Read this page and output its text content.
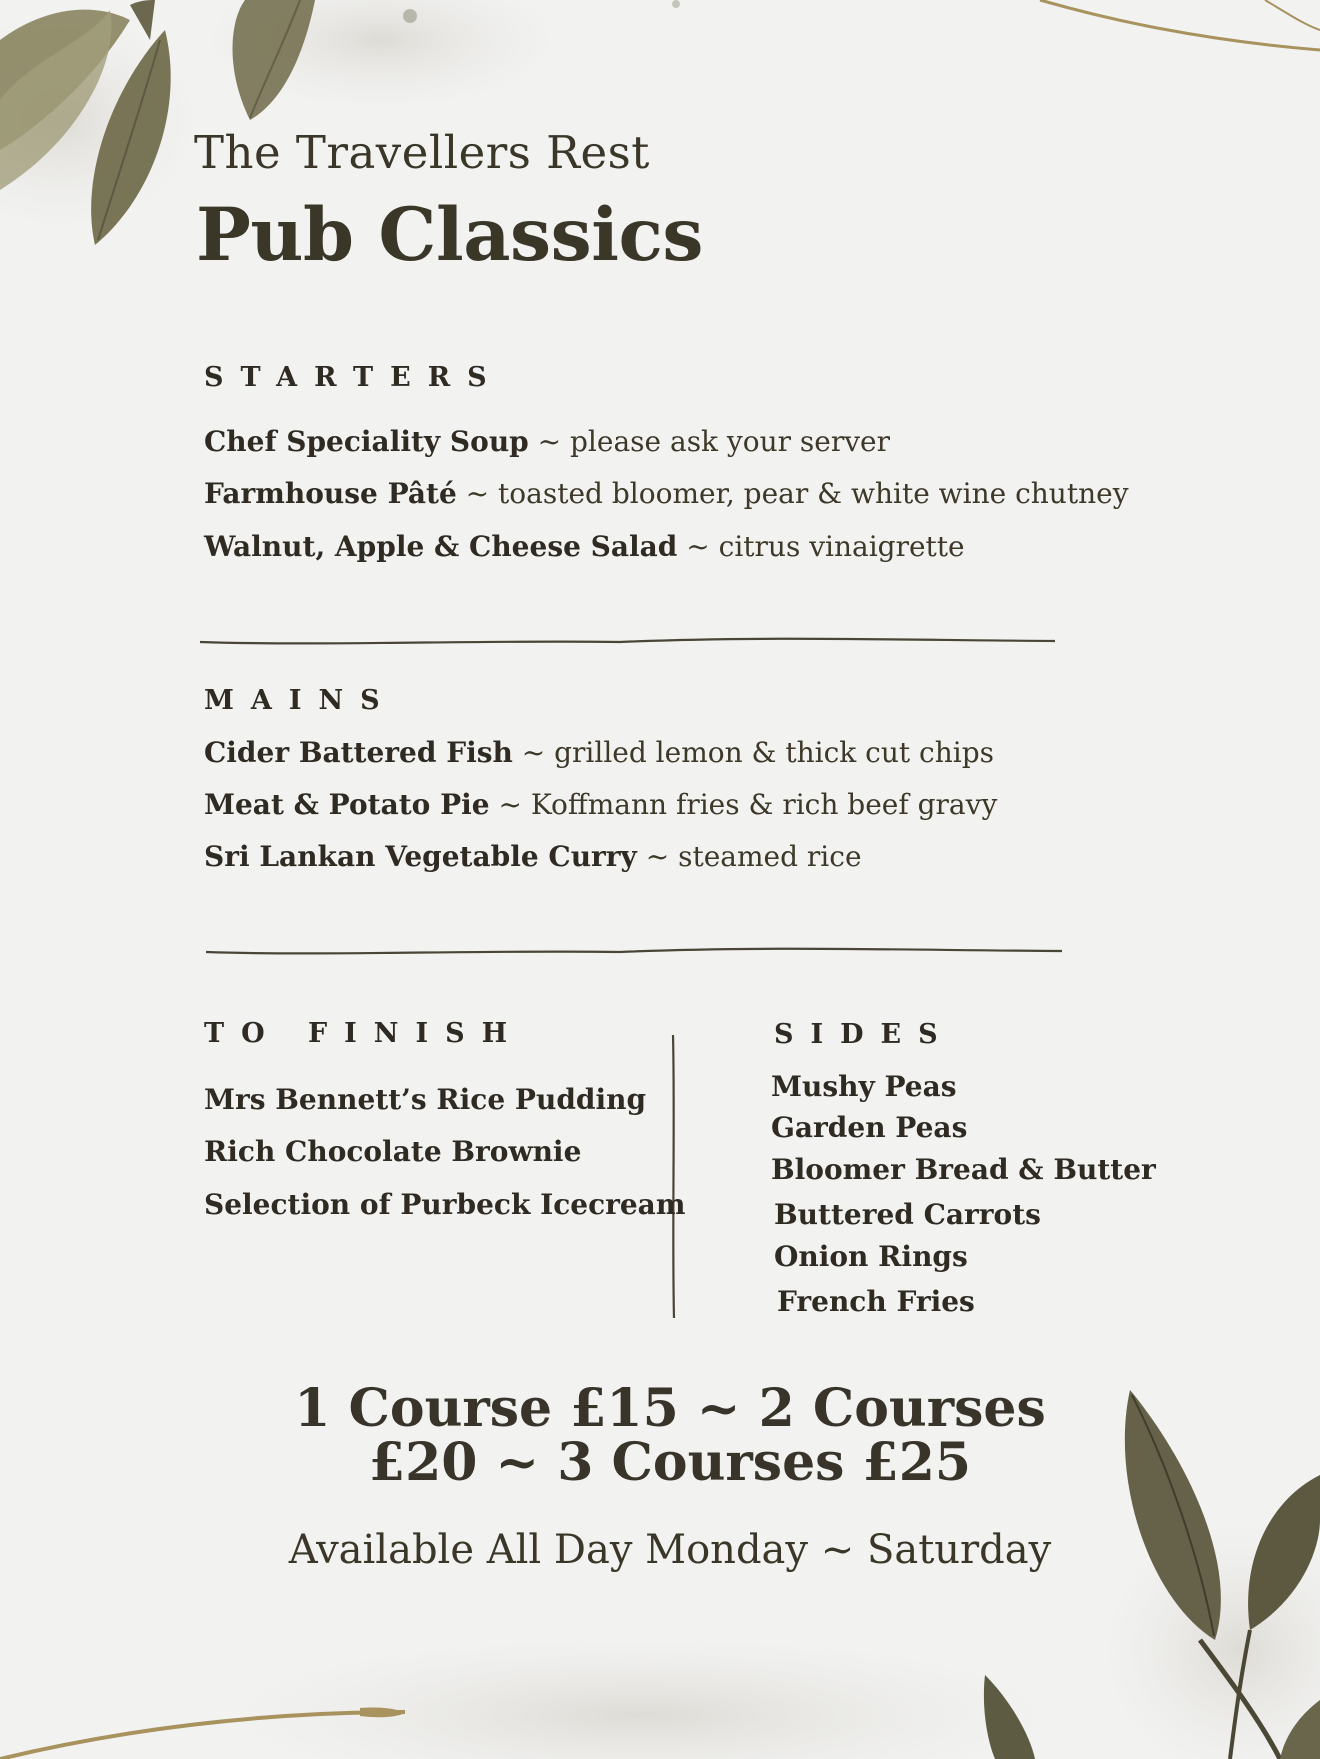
The Travellers Rest
Pub Classics
STARTERS
Chef Speciality Soup ~ please ask your server
Farmhouse Pâté ~ toasted bloomer, pear & white wine chutney
Walnut, Apple & Cheese Salad ~ citrus vinaigrette
MAINS
Cider Battered Fish ~ grilled lemon & thick cut chips
Meat & Potato Pie ~ Koffmann fries & rich beef gravy
Sri Lankan Vegetable Curry ~ steamed rice
TO FINISH
Mrs Bennett’s Rice Pudding
Rich Chocolate Brownie
Selection of Purbeck Icecream
SIDES
Mushy Peas
Garden Peas
Bloomer Bread & Butter
Buttered Carrots
Onion Rings
French Fries
1 Course £15 ~ 2 Courses
£20 ~ 3 Courses £25
Available All Day Monday ~ Saturday
